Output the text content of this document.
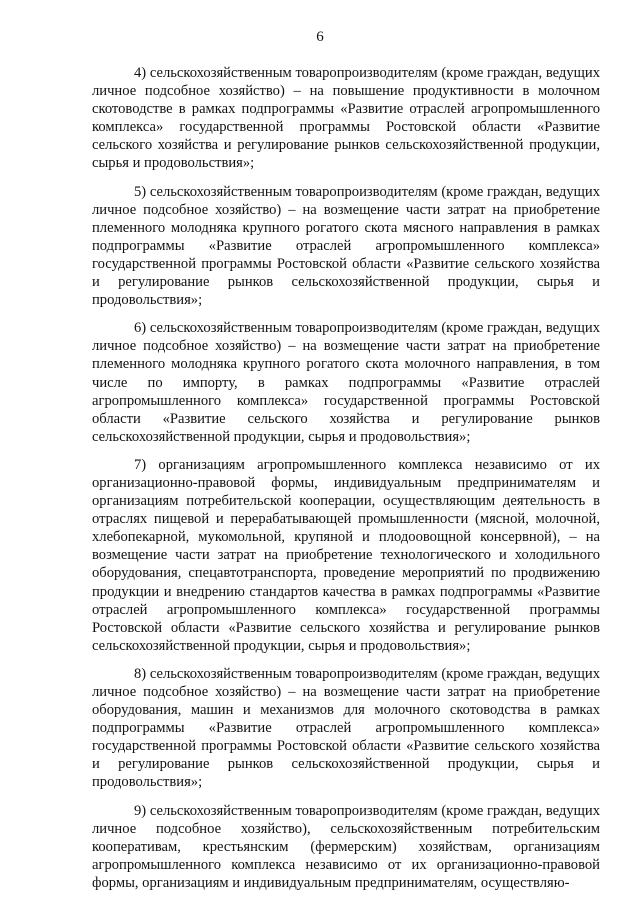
6

4) сельскохозяйственным товаропроизводителям (кроме граждан, ведущих личное подсобное хозяйство) – на повышение продуктивности в молочном скотоводстве в рамках подпрограммы «Развитие отраслей агропромышленного комплекса» государственной программы Ростовской области «Развитие сельского хозяйства и регулирование рынков сельскохозяйственной продукции, сырья и продовольствия»;

5) сельскохозяйственным товаропроизводителям (кроме граждан, ведущих личное подсобное хозяйство) – на возмещение части затрат на приобретение племенного молодняка крупного рогатого скота мясного направления в рамках подпрограммы «Развитие отраслей агропромышленного комплекса» государственной программы Ростовской области «Развитие сельского хозяйства и регулирование рынков сельскохозяйственной продукции, сырья и продовольствия»;

6) сельскохозяйственным товаропроизводителям (кроме граждан, ведущих личное подсобное хозяйство) – на возмещение части затрат на приобретение племенного молодняка крупного рогатого скота молочного направления, в том числе по импорту, в рамках подпрограммы «Развитие отраслей агропромышленного комплекса» государственной программы Ростовской области «Развитие сельского хозяйства и регулирование рынков сельскохозяйственной продукции, сырья и продовольствия»;

7) организациям агропромышленного комплекса независимо от их организационно-правовой формы, индивидуальным предпринимателям и организациям потребительской кооперации, осуществляющим деятельность в отраслях пищевой и перерабатывающей промышленности (мясной, молочной, хлебопекарной, мукомольной, крупяной и плодоовощной консервной), – на возмещение части затрат на приобретение технологического и холодильного оборудования, спецавтотранспорта, проведение мероприятий по продвижению продукции и внедрению стандартов качества в рамках подпрограммы «Развитие отраслей агропромышленного комплекса» государственной программы Ростовской области «Развитие сельского хозяйства и регулирование рынков сельскохозяйственной продукции, сырья и продовольствия»;

8) сельскохозяйственным товаропроизводителям (кроме граждан, ведущих личное подсобное хозяйство) – на возмещение части затрат на приобретение оборудования, машин и механизмов для молочного скотоводства в рамках подпрограммы «Развитие отраслей агропромышленного комплекса» государственной программы Ростовской области «Развитие сельского хозяйства и регулирование рынков сельскохозяйственной продукции, сырья и продовольствия»;

9) сельскохозяйственным товаропроизводителям (кроме граждан, ведущих личное подсобное хозяйство), сельскохозяйственным потребительским кооперативам, крестьянским (фермерским) хозяйствам, организациям агропромышленного комплекса независимо от их организационно-правовой формы, организациям и индивидуальным предпринимателям, осуществляю-
